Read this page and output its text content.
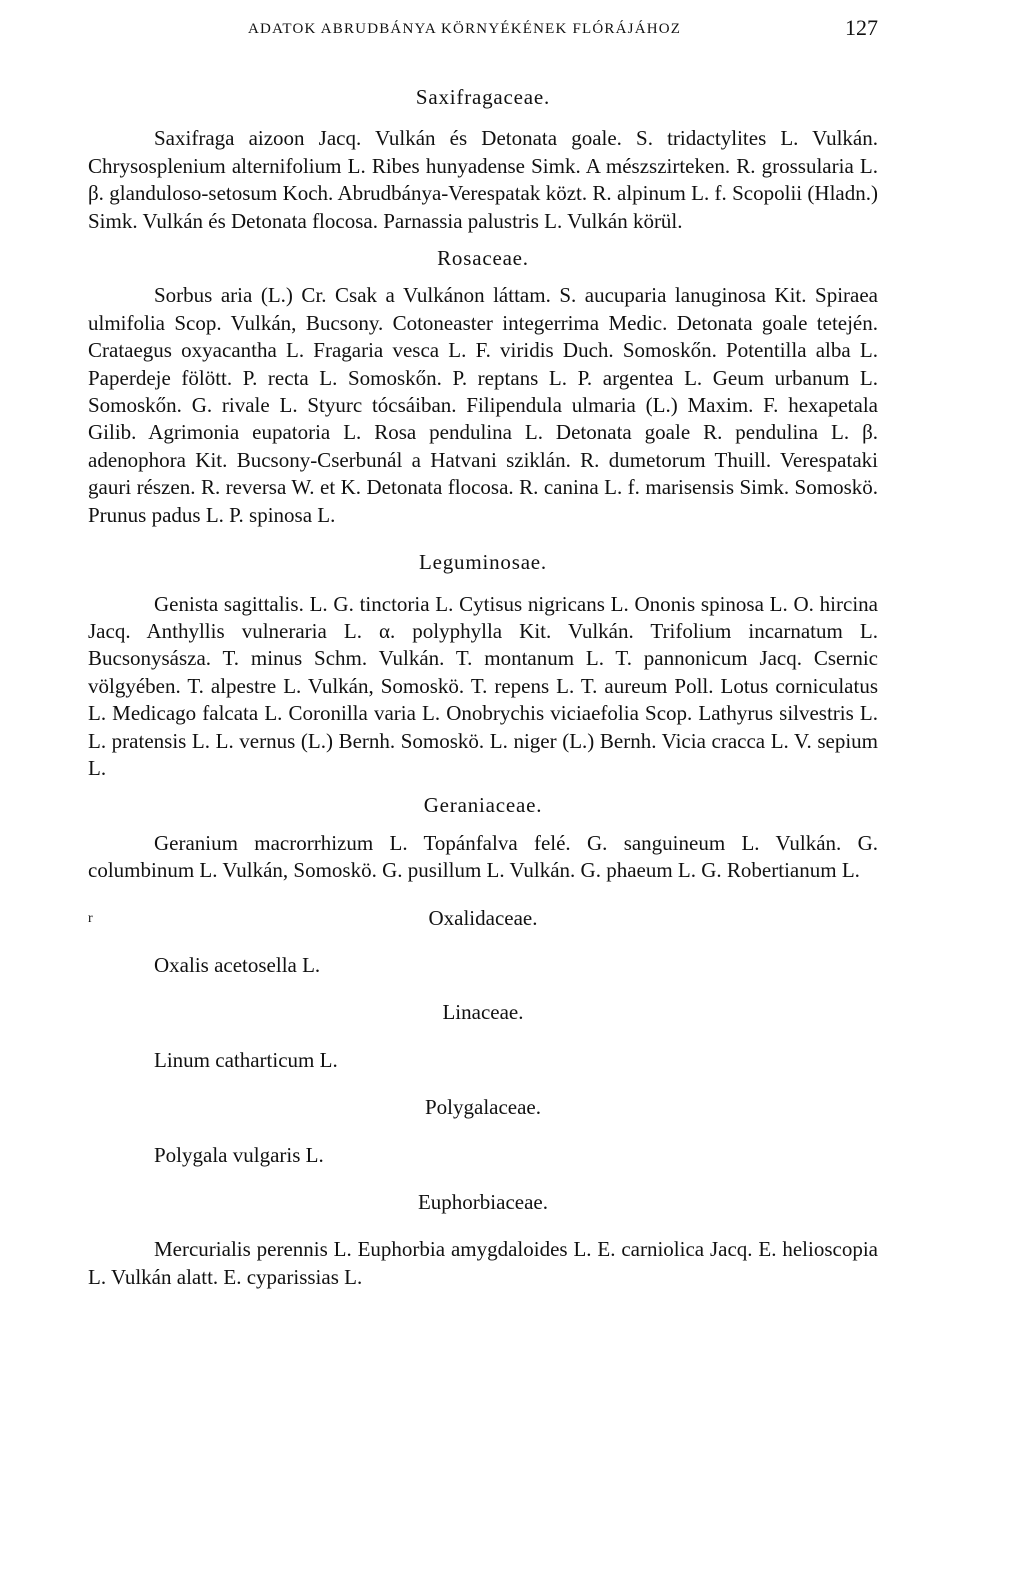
ADATOK ABRUDBÁNYA KÖRNYÉKÉNEK FLÓRÁJÁHOZ	127
Saxifragaceae.

Saxifraga aizoon Jacq. Vulkán és Detonata goale. S. tridactylites L. Vulkán. Chrysosplenium alternifolium L. Ribes hunyadense Simk. A mészszirteken. R. grossularia L. β. glanduloso-setosum Koch. Abrudbánya-Verespatak közt. R. alpinum L. f. Scopolii (Hladn.) Simk. Vulkán és Detonata flocosa. Parnassia palustris L. Vulkán körül.

Rosaceae.

Sorbus aria (L.) Cr. Csak a Vulkánon láttam. S. aucuparia lanuginosa Kit. Spiraea ulmifolia Scop. Vulkán, Bucsony. Cotoneaster integerrima Medic. Detonata goale tetején. Crataegus oxyacantha L. Fragaria vesca L. F. viridis Duch. Somoskőn. Potentilla alba L. Paperdeje fölött. P. recta L. Somoskőn. P. reptans L. P. argentea L. Geum urbanum L. Somoskőn. G. rivale L. Styurc tócsáiban. Filipendula ulmaria (L.) Maxim. F. hexapetala Gilib. Agrimonia eupatoria L. Rosa pendulina L. Detonata goale R. pendulina L. β. adenophora Kit. Bucsony-Cserbunál a Hatvani sziklán. R. dumetorum Thuill. Verespataki gauri részen. R. reversa W. et K. Detonata flocosa. R. canina L. f. marisensis Simk. Somoskö. Prunus padus L. P. spinosa L.

Leguminosae.

Genista sagittalis. L. G. tinctoria L. Cytisus nigricans L. Ononis spinosa L. O. hircina Jacq. Anthyllis vulneraria L. α. polyphylla Kit. Vulkán. Trifolium incarnatum L. Bucsonysásza. T. minus Schm. Vulkán. T. montanum L. T. pannonicum Jacq. Csernic völgyében. T. alpestre L. Vulkán, Somoskö. T. repens L. T. aureum Poll. Lotus corniculatus L. Medicago falcata L. Coronilla varia L. Onobrychis viciaefolia Scop. Lathyrus silvestris L. L. pratensis L. L. vernus (L.) Bernh. Somoskö. L. niger (L.) Bernh. Vicia cracca L. V. sepium L.

Geraniaceae.

Geranium macrorrhizum L. Topánfalva felé. G. sanguineum L. Vulkán. G. columbinum L. Vulkán, Somoskö. G. pusillum L. Vulkán. G. phaeum L. G. Robertianum L.

r	Oxalidaceae.

Oxalis acetosella L.

Linaceae.

Linum catharticum L.

Polygalaceae.

Polygala vulgaris L.

Euphorbiaceae.

Mercurialis perennis L. Euphorbia amygdaloides L. E. carniolica Jacq. E. helioscopia L. Vulkán alatt. E. cyparissias L.
